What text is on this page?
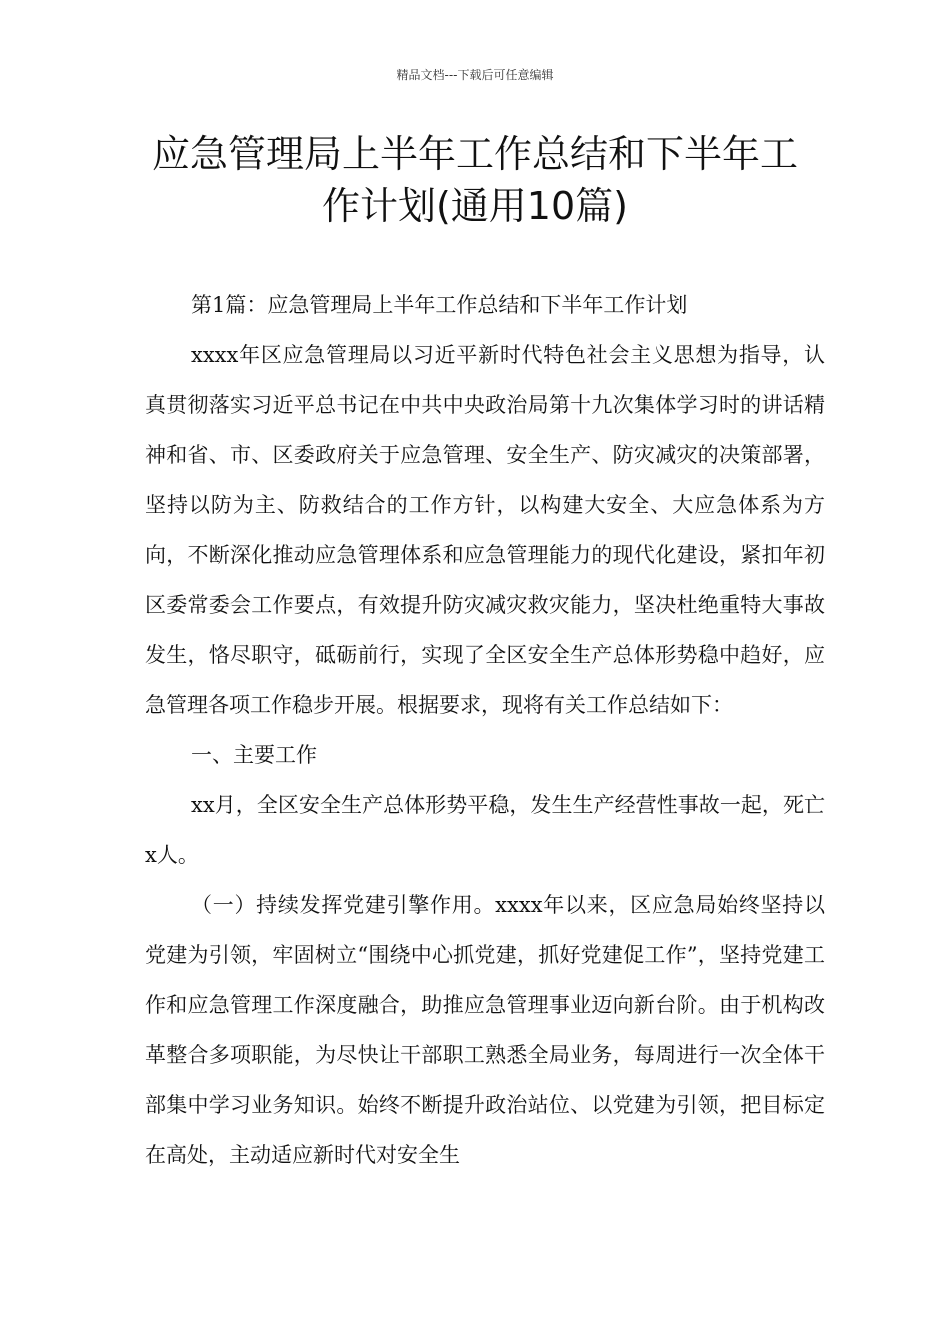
精品文档---下载后可任意编辑
应急管理局上半年工作总结和下半年工
作计划(通用10篇)

第1篇：应急管理局上半年工作总结和下半年工作计划

xxxx年区应急管理局以习近平新时代特色社会主义思想为指导，认真贯彻落实习近平总书记在中共中央政治局第十九次集体学习时的讲话精神和省、市、区委政府关于应急管理、安全生产、防灾减灾的决策部署，坚持以防为主、防救结合的工作方针，以构建大安全、大应急体系为方向，不断深化推动应急管理体系和应急管理能力的现代化建设，紧扣年初区委常委会工作要点，有效提升防灾减灾救灾能力，坚决杜绝重特大事故发生，恪尽职守，砥砺前行，实现了全区安全生产总体形势稳中趋好，应急管理各项工作稳步开展。根据要求，现将有关工作总结如下：

一、主要工作

xx月，全区安全生产总体形势平稳，发生生产经营性事故一起，死亡x人。

（一）持续发挥党建引擎作用。xxxx年以来，区应急局始终坚持以党建为引领，牢固树立“围绕中心抓党建，抓好党建促工作”，坚持党建工作和应急管理工作深度融合，助推应急管理事业迈向新台阶。由于机构改革整合多项职能，为尽快让干部职工熟悉全局业务，每周进行一次全体干部集中学习业务知识。始终不断提升政治站位、以党建为引领，把目标定在高处，主动适应新时代对安全生
